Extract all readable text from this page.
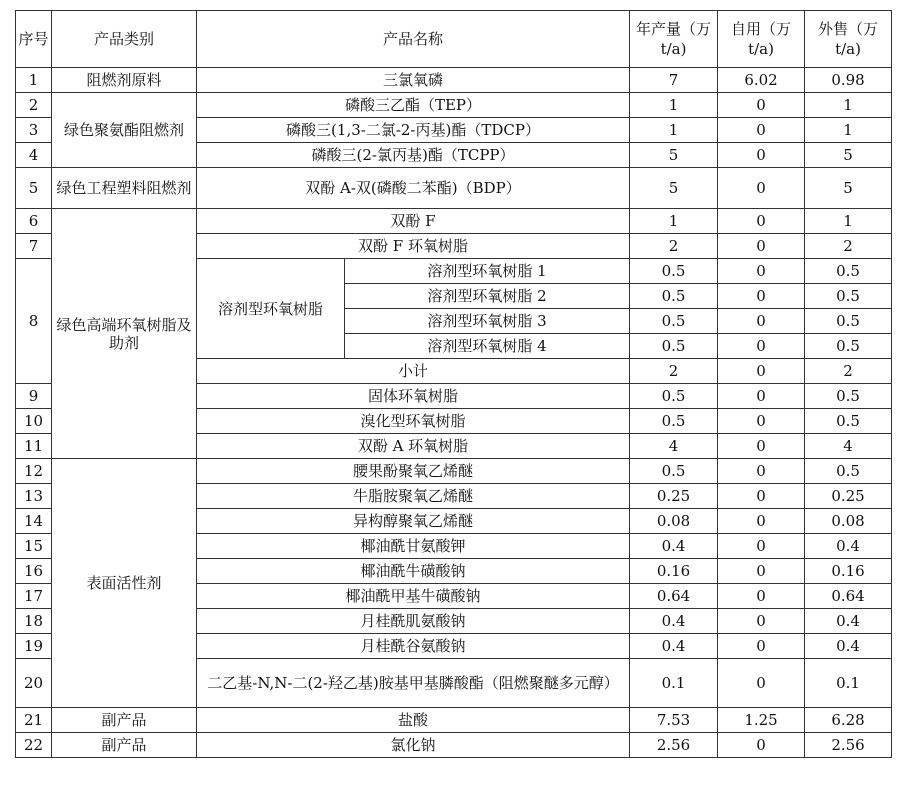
序号	产品类别	产品名称		年产量（万 t/a)	自用（万 t/a)	外售（万 t/a)
1	阻燃剂原料	三氯氧磷		7	6.02	0.98
2	绿色聚氨酯阻燃剂	磷酸三乙酯（TEP）		1	0	1
3		磷酸三(1,3-二氯-2-丙基)酯（TDCP）		1	0	1
4		磷酸三(2-氯丙基)酯（TCPP）		5	0	5
5	绿色工程塑料阻燃剂	双酚 A-双(磷酸二苯酯)（BDP）		5	0	5
6	绿色高端环氧树脂及助剂	双酚 F		1	0	1
7		双酚 F 环氧树脂		2	0	2
8		溶剂型环氧树脂	溶剂型环氧树脂 1	0.5	0	0.5
			溶剂型环氧树脂 2	0.5	0	0.5
			溶剂型环氧树脂 3	0.5	0	0.5
			溶剂型环氧树脂 4	0.5	0	0.5
		小计		2	0	2
9		固体环氧树脂		0.5	0	0.5
10		溴化型环氧树脂		0.5	0	0.5
11		双酚 A 环氧树脂		4	0	4
12	表面活性剂	腰果酚聚氧乙烯醚		0.5	0	0.5
13		牛脂胺聚氧乙烯醚		0.25	0	0.25
14		异构醇聚氧乙烯醚		0.08	0	0.08
15		椰油酰甘氨酸钾		0.4	0	0.4
16		椰油酰牛磺酸钠		0.16	0	0.16
17		椰油酰甲基牛磺酸钠		0.64	0	0.64
18		月桂酰肌氨酸钠		0.4	0	0.4
19		月桂酰谷氨酸钠		0.4	0	0.4
20		二乙基-N,N-二(2-羟乙基)胺基甲基膦酸酯（阻燃聚醚多元醇）		0.1	0	0.1
21	副产品	盐酸		7.53	1.25	6.28
22	副产品	氯化钠		2.56	0	2.56
